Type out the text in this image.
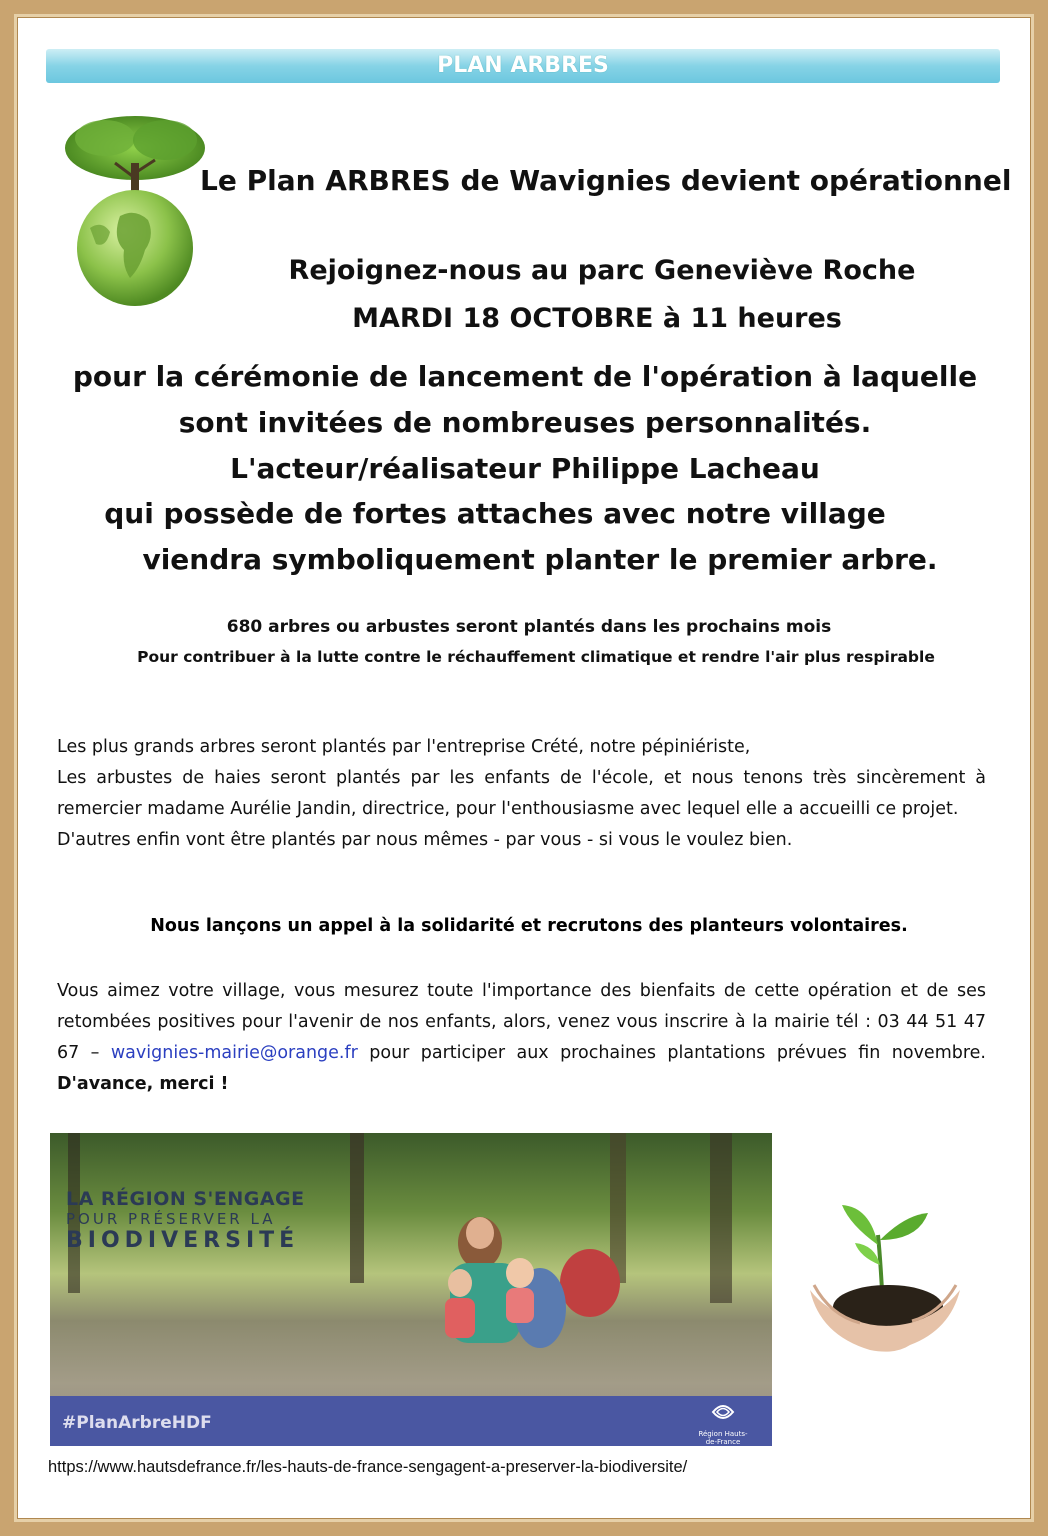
PLAN ARBRES
Le Plan ARBRES de Wavignies devient opérationnel
Rejoignez-nous au parc Geneviève Roche
MARDI 18 OCTOBRE à 11 heures
pour la cérémonie de lancement de l'opération à laquelle
sont invitées de nombreuses personnalités.
L'acteur/réalisateur Philippe Lacheau
qui possède de fortes attaches avec notre village
viendra symboliquement planter le premier arbre.
680 arbres ou arbustes seront plantés dans les prochains mois
Pour contribuer à la lutte contre le réchauffement climatique et rendre l'air plus respirable
Les plus grands arbres seront plantés par l'entreprise Crété, notre pépiniériste,
Les arbustes de haies seront plantés par les enfants de l'école, et nous tenons très sincèrement à remercier madame Aurélie Jandin, directrice, pour l'enthousiasme avec lequel elle a accueilli ce projet.
D'autres enfin vont être plantés par nous mêmes - par vous - si vous le voulez bien.
Nous lançons un appel à la solidarité et recrutons des planteurs volontaires.
Vous aimez votre village, vous mesurez toute l'importance des bienfaits de cette opération et de ses retombées positives pour l'avenir de nos enfants, alors, venez vous inscrire à la mairie tél : 03 44 51 47 67 – wavignies-mairie@orange.fr pour participer aux prochaines plantations prévues fin novembre. D'avance, merci !
LA RÉGION S'ENGAGE
POUR PRÉSERVER LA
BIODIVERSITÉ
#PlanArbreHDF
Région Hauts-de-France
https://www.hautsdefrance.fr/les-hauts-de-france-sengagent-a-preserver-la-biodiversite/
